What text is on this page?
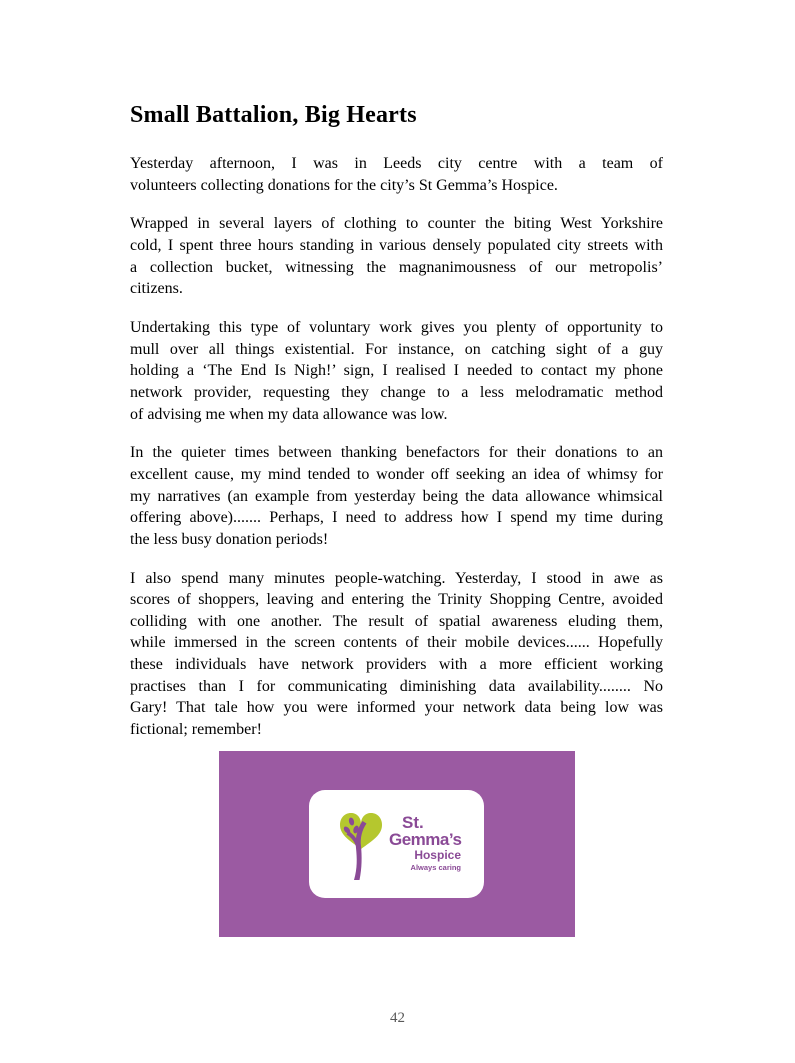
Small Battalion, Big Hearts
Yesterday afternoon, I was in Leeds city centre with a team of
volunteers collecting donations for the city’s St Gemma’s Hospice.
Wrapped in several layers of clothing to counter the biting West Yorkshire
cold, I spent three hours standing in various densely populated city streets with
a collection bucket, witnessing the magnanimousness of our metropolis’
citizens.
Undertaking this type of voluntary work gives you plenty of opportunity to
mull over all things existential. For instance, on catching sight of a guy
holding a ‘The End Is Nigh!’ sign, I realised I needed to contact my phone
network provider, requesting they change to a less melodramatic method
of advising me when my data allowance was low.
In the quieter times between thanking benefactors for their donations to an
excellent cause, my mind tended to wonder off seeking an idea of whimsy for
my narratives (an example from yesterday being the data allowance whimsical
offering above)....... Perhaps, I need to address how I spend my time during
the less busy donation periods!
I also spend many minutes people-watching. Yesterday, I stood in awe as
scores of shoppers, leaving and entering the Trinity Shopping Centre, avoided
colliding with one another. The result of spatial awareness eluding them,
while immersed in the screen contents of their mobile devices...... Hopefully
these individuals have network providers with a more efficient working
practises than I for communicating diminishing data availability........ No
Gary! That tale how you were informed your network data being low was
fictional; remember!
St.
Gemma’s
Hospice
Always caring
42
